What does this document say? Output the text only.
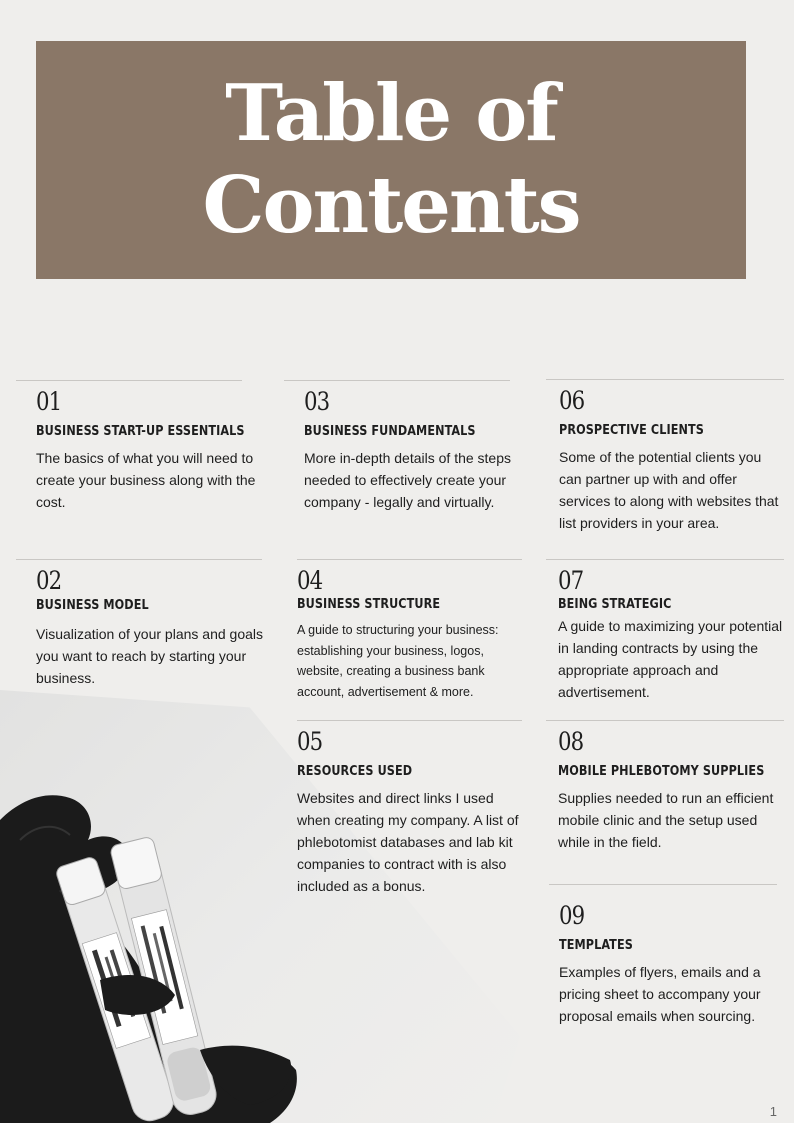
Table of
Contents
01
BUSINESS START-UP ESSENTIALS
The basics of what you will need to create your business along with the cost.
02
BUSINESS MODEL
Visualization of your plans and goals you want to reach by starting your business.
03
BUSINESS FUNDAMENTALS
More in-depth details of the steps needed to effectively create your company - legally and virtually.
04
BUSINESS STRUCTURE
A guide to structuring your business: establishing your business, logos, website, creating a business bank account, advertisement & more.
05
RESOURCES USED
Websites and direct links I used when creating my company. A list of phlebotomist databases and lab kit companies to contract with is also included as a bonus.
06
PROSPECTIVE CLIENTS
Some of the potential clients you can partner up with and offer services to along with websites that list providers in your area.
07
BEING STRATEGIC
A guide to maximizing your potential in landing contracts by using the appropriate approach and advertisement.
08
MOBILE PHLEBOTOMY SUPPLIES
Supplies needed to run an efficient mobile clinic and the setup used while in the field.
09
TEMPLATES
Examples of flyers, emails and a pricing sheet to accompany your proposal emails when sourcing.
1
